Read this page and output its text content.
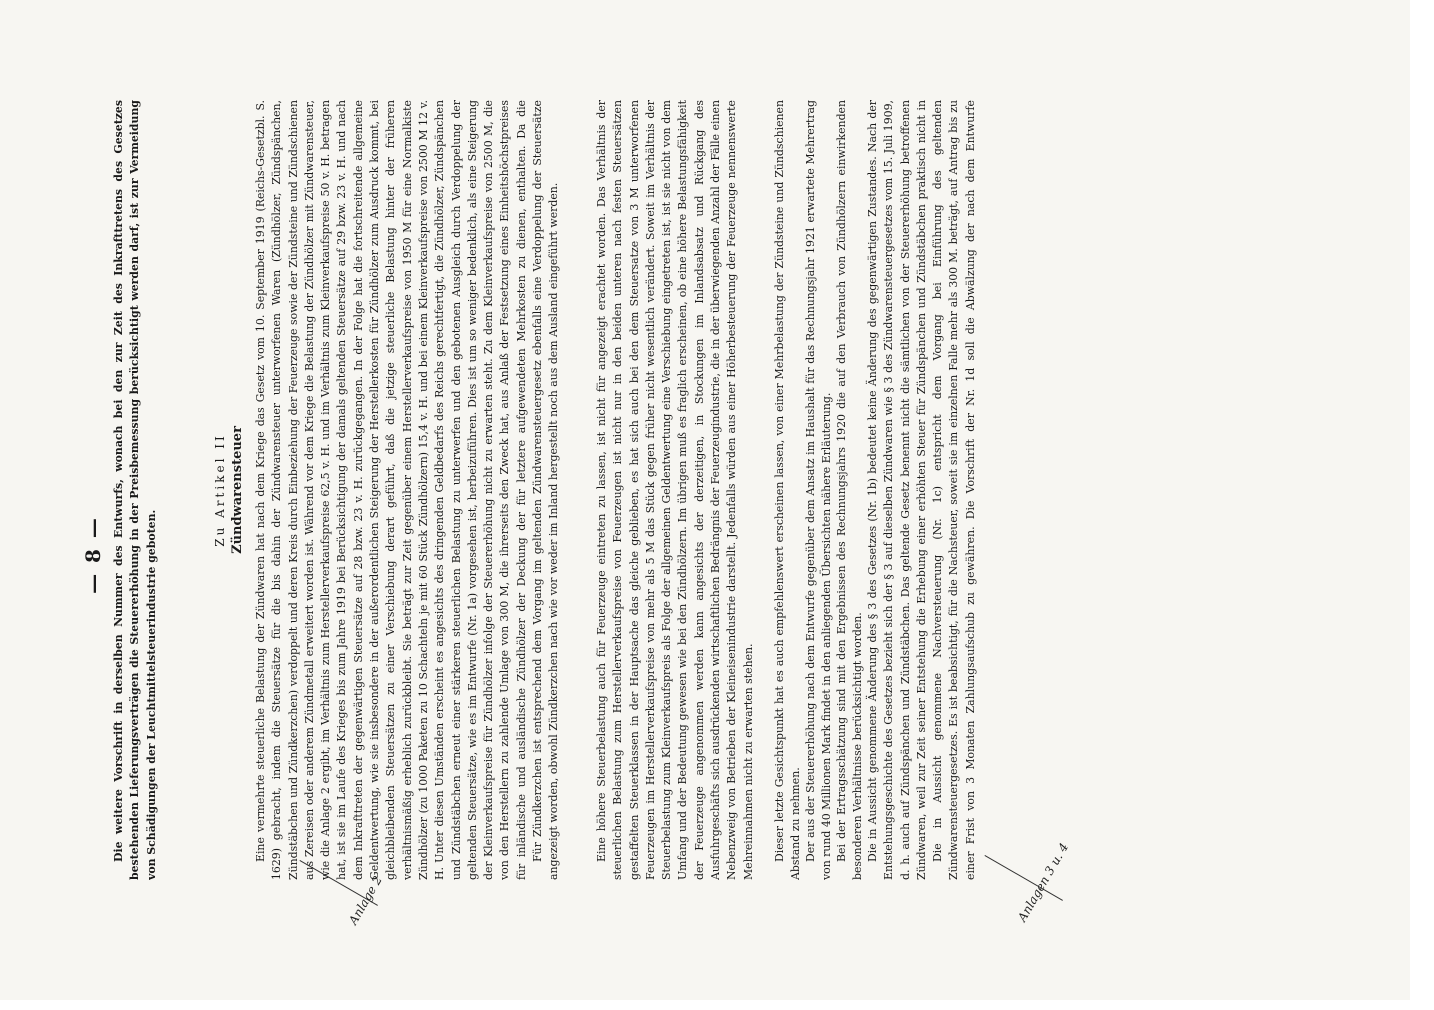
— 8 — Die weitere Vorschrift in derselben Nummer des Entwurfs, wonach bei den zur Zeit des Inkrafttretens des Gesetzes bestehenden Lieferungsverträgen die Steuererhöhung in der Preisbemessung berücksichtigt werden darf, ist zur Vermeidung von Schädigungen der Leuchtmittelsteuerindustrie geboten.

Zu Artikel II Zündwarensteuer

Eine vermehrte steuerliche Belastung der Zündwaren hat nach dem Kriege das Gesetz vom 10. September 1919 (Reichs-Gesetzbl. S. 1629) gebracht, indem die Steuersätze für die bis dahin der Zündwarensteuer unterworfenen Waren (Zündhölzer, Zündspänchen, Zündstäbchen und Zündkerzchen) verdoppelt und deren Kreis durch Einbeziehung der Feuerzeuge sowie der Zündsteine und Zündschienen aus Zereisen oder anderem Zündmetall erweitert worden ist. Während vor dem Kriege die Belastung der Zündhölzer mit Zündwarensteuer, wie die Anlage 2 ergibt, im Verhältnis zum Herstellerverkaufspreise 62,5 v. H. und im Verhältnis zum Kleinverkaufspreise 50 v. H. betragen hat, ist sie im Laufe des Krieges bis zum Jahre 1919 bei Berücksichtigung der damals geltenden Steuersätze auf 29 bzw. 23 v. H. und nach dem Inkrafttreten der gegenwärtigen Steuersätze auf 28 bzw. 23 v. H. zurückgegangen. In der Folge hat die fortschreitende allgemeine Geldentwertung, wie sie insbesondere in der außerordentlichen Steigerung der Herstellerkosten für Zündhölzer zum Ausdruck kommt, bei gleichbleibenden Steuersätzen zu einer Verschiebung derart geführt, daß die jetzige steuerliche Belastung hinter der früheren verhältnismäßig erheblich zurückbleibt. Sie beträgt zur Zeit gegenüber einem Herstellerverkaufspreise von 1950 M für eine Normalkiste Zündhölzer (zu 1000 Paketen zu 10 Schachteln je mit 60 Stück Zündhölzern) 15,4 v. H. und bei einem Kleinverkaufspreise von 2500 M 12 v. H. Unter diesen Umständen erscheint es angesichts des dringenden Geldbedarfs des Reichs gerechtfertigt, die Zündhölzer, Zündspänchen und Zündstäbchen erneut einer stärkeren steuerlichen Belastung zu unterwerfen und den gebotenen Ausgleich durch Verdoppelung der geltenden Steuersätze, wie es im Entwurfe (Nr. 1a) vorgesehen ist, herbeizuführen. Dies ist um so weniger bedenklich, als eine Steigerung der Kleinverkaufspreise für Zündhölzer infolge der Steuererhöhung nicht zu erwarten steht. Zu dem Kleinverkaufspreise von 2500 M, die von den Herstellern zu zahlende Umlage von 300 M, die ihrerseits den Zweck hat, aus Anlaß der Festsetzung eines Einheitshöchstpreises für inländische und ausländische Zündhölzer der Deckung der für letztere aufgewendeten Mehrkosten zu dienen, enthalten. Da die Für Zündkerzchen ist entsprechend dem Vorgang im geltenden Zündwarensteuergesetz ebenfalls eine Verdoppelung der Steuersätze angezeigt worden, obwohl Zündkerzchen nach wie vor weder im Inland hergestellt noch aus dem Ausland eingeführt werden.	Eine höhere Steuerbelastung auch für Feuerzeuge eintreten zu lassen, ist nicht für angezeigt erachtet worden. Das Verhältnis der steuerlichen Belastung zum Herstellerverkaufspreise von Feuerzeugen ist nicht nur in den beiden unteren nach festen Steuersätzen gestaffelten Steuerklassen in der Hauptsache das gleiche geblieben, es hat sich auch bei den dem Steuersatze von 3 M unterworfenen Feuerzeugen im Herstellerverkaufspreise von mehr als 5 M das Stück gegen früher nicht wesentlich verändert. Soweit im Verhältnis der Steuerbelastung zum Kleinverkaufspreis als Folge der allgemeinen Geldentwertung eine Verschiebung eingetreten ist, ist sie nicht von dem Umfang und der Bedeutung gewesen wie bei den Zündhölzern. Im übrigen muß es fraglich erscheinen, ob eine höhere Belastungsfähigkeit der Feuerzeuge angenommen werden kann angesichts der derzeitigen, in Stockungen im Inlandsabsatz und Rückgang des Ausfuhrgeschäfts sich ausdrückenden wirtschaftlichen Bedrängnis der Feuerzeugindustrie, die in der überwiegenden Anzahl der Fälle einen Nebenzweig von Betrieben der Kleineisenindustrie darstellt. Jedenfalls würden aus einer Höherbesteuerung der Feuerzeuge nennenswerte Mehreinnahmen nicht zu erwarten stehen.	Dieser letzte Gesichtspunkt hat es auch empfehlenswert erscheinen lassen, von einer Mehrbelastung der Zündsteine und Zündschienen Abstand zu nehmen. Der aus der Steuererhöhung nach dem Entwurfe gegenüber dem Ansatz im Haushalt für das Rechnungsjahr 1921 erwartete Mehrertrag von rund 40 Millionen Mark findet in den anliegenden Übersichten nähere Erläuterung. Bei der Ertragsschätzung sind mit den Ergebnissen des Rechnungsjahrs 1920 die auf den Verbrauch von Zündhölzern einwirkenden besonderen Verhältnisse berücksichtigt worden. Die in Aussicht genommene Änderung des § 3 des Gesetzes (Nr. 1b) bedeutet keine Änderung des gegenwärtigen Zustandes. Nach der Entstehungsgeschichte des Gesetzes bezieht sich der § 3 auf dieselben Zündwaren wie § 3 des Zündwarensteuergesetzes vom 15. Juli 1909, d. h. auch auf Zündspänchen und Zündstäbchen. Das geltende Gesetz benennt nicht die sämtlichen von der Steuererhöhung betroffenen Zündwaren, weil zur Zeit seiner Entstehung die Erhebung einer erhöhten Steuer für Zündspänchen und Zündstäbchen praktisch nicht in

Die in Aussicht genommene Nachversteuerung (Nr. 1c) entspricht dem Vorgang bei Einführung des geltenden Zündwarensteuergesetzes. Es ist beabsichtigt, für die Nachsteuer, soweit sie im einzelnen Falle mehr als 300 M. beträgt, auf Antrag bis zu einer Frist von 3 Monaten Zahlungsaufschub zu gewähren. Die Vorschrift der Nr. 1d soll die Abwälzung der nach dem Entwurfe

Anlage 2	Anlagen 3 u. 4
